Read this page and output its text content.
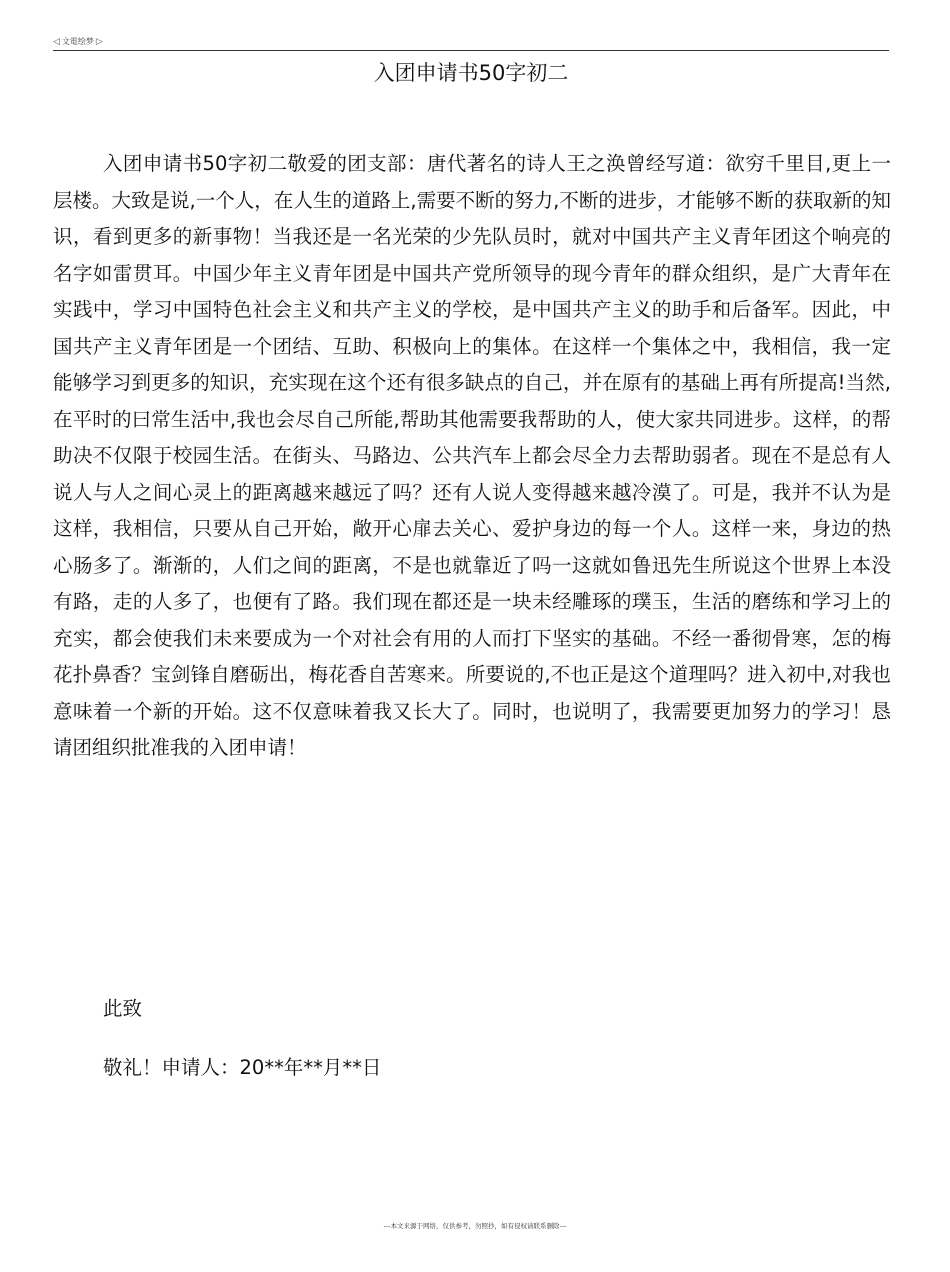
◁ 文電绘梦 ▷
入团申请书50字初二

入团申请书50字初二敬爱的团支部：唐代著名的诗人王之涣曾经写道：欲穷千里目,更上一层楼。大致是说,一个人，在人生的道路上,需要不断的努力,不断的进步，才能够不断的获取新的知识，看到更多的新事物！当我还是一名光荣的少先队员时，就对中国共产主义青年团这个响亮的名字如雷贯耳。中国少年主义青年团是中国共产党所领导的现今青年的群众组织，是广大青年在实践中，学习中国特色社会主义和共产主义的学校，是中国共产主义的助手和后备军。因此，中国共产主义青年团是一个团结、互助、积极向上的集体。在这样一个集体之中，我相信，我一定能够学习到更多的知识，充实现在这个还有很多缺点的自己，并在原有的基础上再有所提高!当然,在平时的曰常生活中,我也会尽自己所能,帮助其他需要我帮助的人，使大家共同进步。这样，的帮助决不仅限于校园生活。在街头、马路边、公共汽车上都会尽全力去帮助弱者。现在不是总有人说人与人之间心灵上的距离越来越远了吗？还有人说人变得越来越冷漠了。可是，我并不认为是这样，我相信，只要从自己开始，敞开心扉去关心、爱护身边的每一个人。这样一来，身边的热心肠多了。渐渐的，人们之间的距离，不是也就靠近了吗一这就如鲁迅先生所说这个世界上本没有路，走的人多了，也便有了路。我们现在都还是一块未经雕琢的璞玉，生活的磨练和学习上的充实，都会使我们未来要成为一个对社会有用的人而打下坚实的基础。不经一番彻骨寒，怎的梅花扑鼻香？宝剑锋自磨砺出，梅花香自苦寒来。所要说的,不也正是这个道理吗？进入初中,对我也意味着一个新的开始。这不仅意味着我又长大了。同时，也说明了，我需要更加努力的学习！恳请团组织批准我的入团申请！

此致

敬礼！申请人：20**年**月**日

---本文来源于网络，仅供参考，勿照抄，如有侵权请联系删除---
